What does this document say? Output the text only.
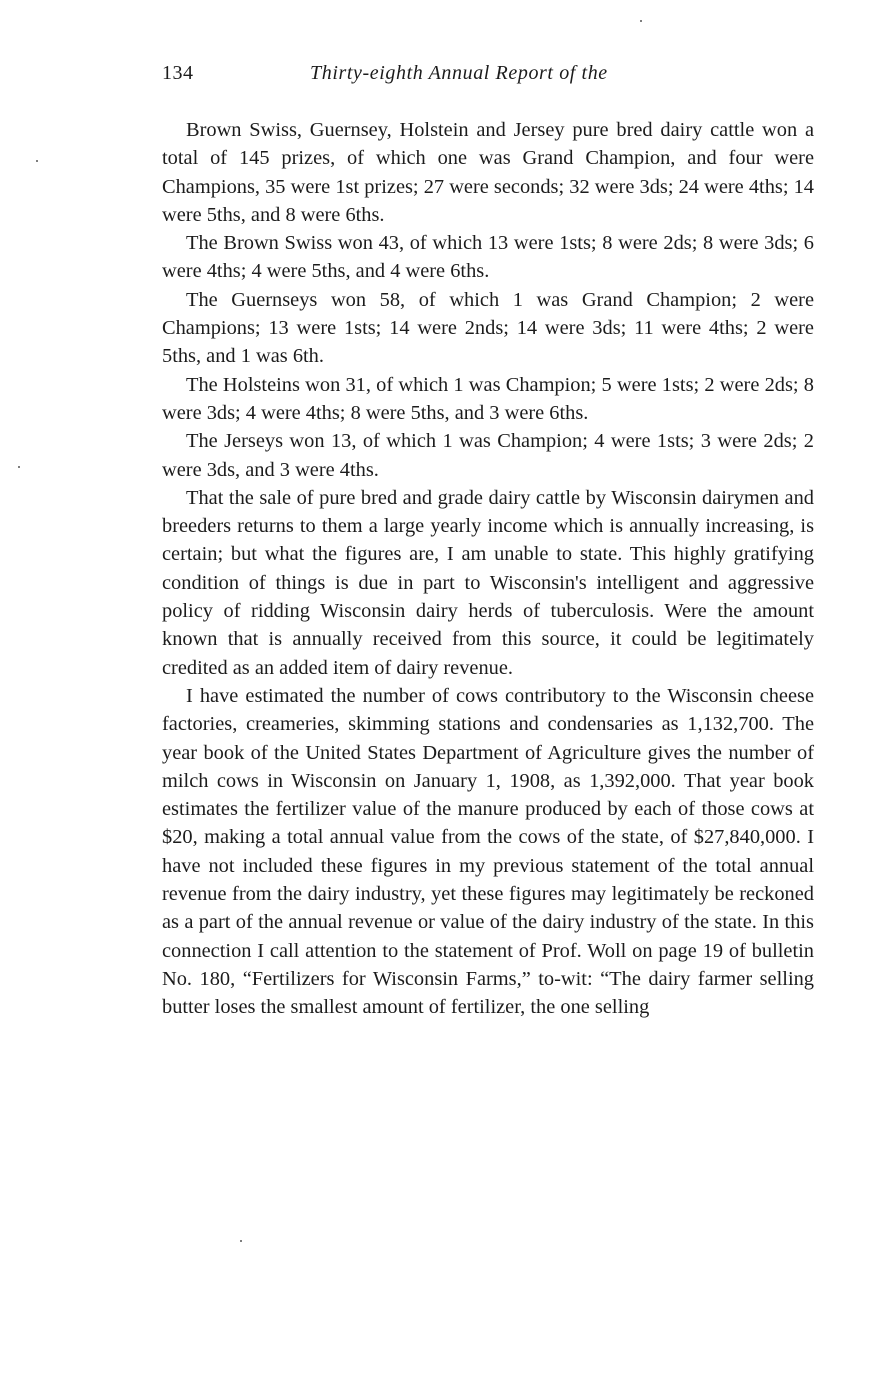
134	Thirty-eighth Annual Report of the

Brown Swiss, Guernsey, Holstein and Jersey pure bred dairy cattle won a total of 145 prizes, of which one was Grand Champion, and four were Champions, 35 were 1st prizes; 27 were seconds; 32 were 3ds; 24 were 4ths; 14 were 5ths, and 8 were 6ths.

The Brown Swiss won 43, of which 13 were 1sts; 8 were 2ds; 8 were 3ds; 6 were 4ths; 4 were 5ths, and 4 were 6ths.

The Guernseys won 58, of which 1 was Grand Champion; 2 were Champions; 13 were 1sts; 14 were 2nds; 14 were 3ds; 11 were 4ths; 2 were 5ths, and 1 was 6th.

The Holsteins won 31, of which 1 was Champion; 5 were 1sts; 2 were 2ds; 8 were 3ds; 4 were 4ths; 8 were 5ths, and 3 were 6ths.

The Jerseys won 13, of which 1 was Champion; 4 were 1sts; 3 were 2ds; 2 were 3ds, and 3 were 4ths.

That the sale of pure bred and grade dairy cattle by Wisconsin dairymen and breeders returns to them a large yearly income which is annually increasing, is certain; but what the figures are, I am unable to state. This highly gratifying condition of things is due in part to Wisconsin's intelligent and aggressive policy of ridding Wisconsin dairy herds of tuberculosis. Were the amount known that is annually received from this source, it could be legitimately credited as an added item of dairy revenue.

I have estimated the number of cows contributory to the Wisconsin cheese factories, creameries, skimming stations and condensaries as 1,132,700. The year book of the United States Department of Agriculture gives the number of milch cows in Wisconsin on January 1, 1908, as 1,392,000. That year book estimates the fertilizer value of the manure produced by each of those cows at $20, making a total annual value from the cows of the state, of $27,840,000. I have not included these figures in my previous statement of the total annual revenue from the dairy industry, yet these figures may legitimately be reckoned as a part of the annual revenue or value of the dairy industry of the state. In this connection I call attention to the statement of Prof. Woll on page 19 of bulletin No. 180, “Fertilizers for Wisconsin Farms,” to-wit: “The dairy farmer selling butter loses the smallest amount of fertilizer, the one selling
